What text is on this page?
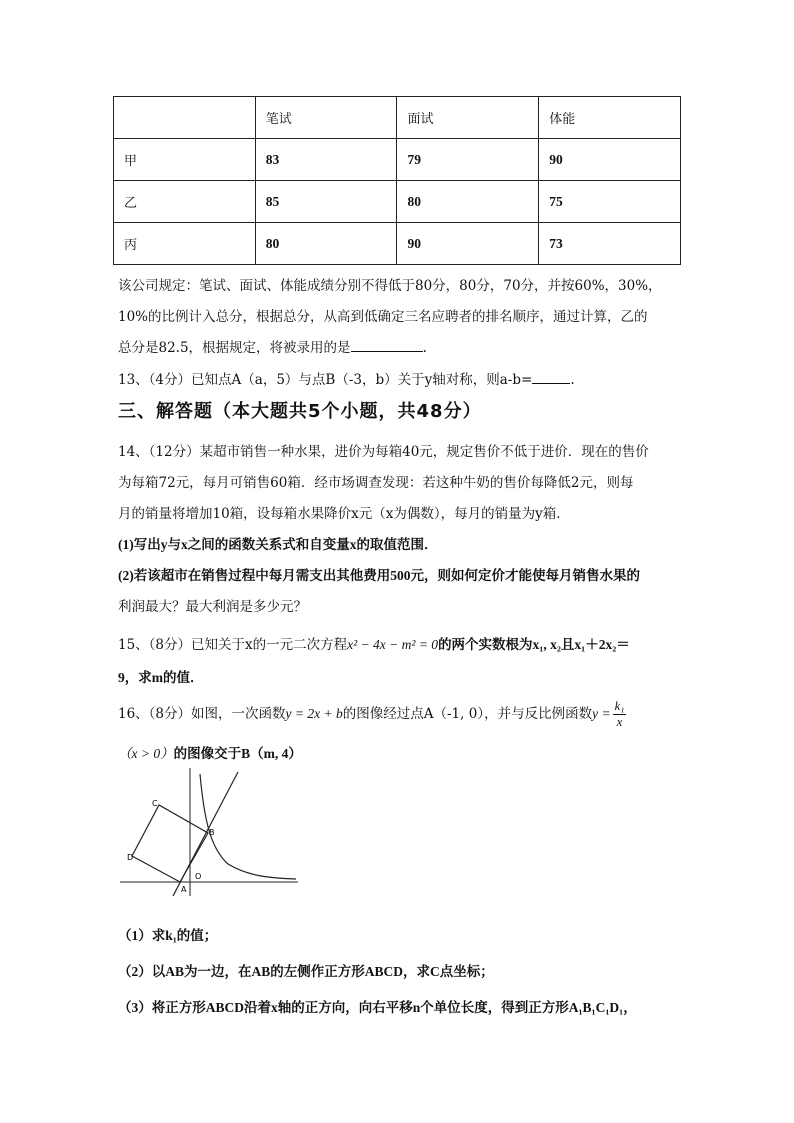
	笔试	面试	体能
甲	83	79	90
乙	85	80	75
丙	80	90	73
该公司规定：笔试、面试、体能成绩分别不得低于80分，80分，70分，并按60%，30%，
10%的比例计入总分，根据总分，从高到低确定三名应聘者的排名顺序，通过计算，乙的
总分是82.5，根据规定，将被录用的是	.
13、（4分）已知点A（a，5）与点B（-3，b）关于y轴对称，则a-b=	.
三、解答题（本大题共5个小题，共48分）
14、（12分）某超市销售一种水果，进价为每箱40元，规定售价不低于进价．现在的售价
为每箱72元，每月可销售60箱．经市场调查发现：若这种牛奶的售价每降低2元，则每
月的销量将增加10箱，设每箱水果降价x元（x为偶数），每月的销量为y箱．
(1)写出y与x之间的函数关系式和自变量x的取值范围．
(2)若该超市在销售过程中每月需支出其他费用500元，则如何定价才能使每月销售水果的
利润最大？最大利润是多少元？
15、（8分）已知关于x的一元二次方程x² − 4x − m² = 0的两个实数根为x₁, x₂且x₁＋2x₂＝
9，求m的值．
16、（8分）如图，一次函数y = 2x + b的图像经过点A（-1, 0），并与反比例函数$y = \frac{\text{k₁}}{x}$
（x > 0）的图像交于B（m, 4）
A
B
C
D
O
（1）求k₁的值；
（2）以AB为一边，在AB的左侧作正方形ABCD，求C点坐标；
（3）将正方形ABCD沿着x轴的正方向，向右平移n个单位长度，得到正方形A₁B₁C₁D₁，
